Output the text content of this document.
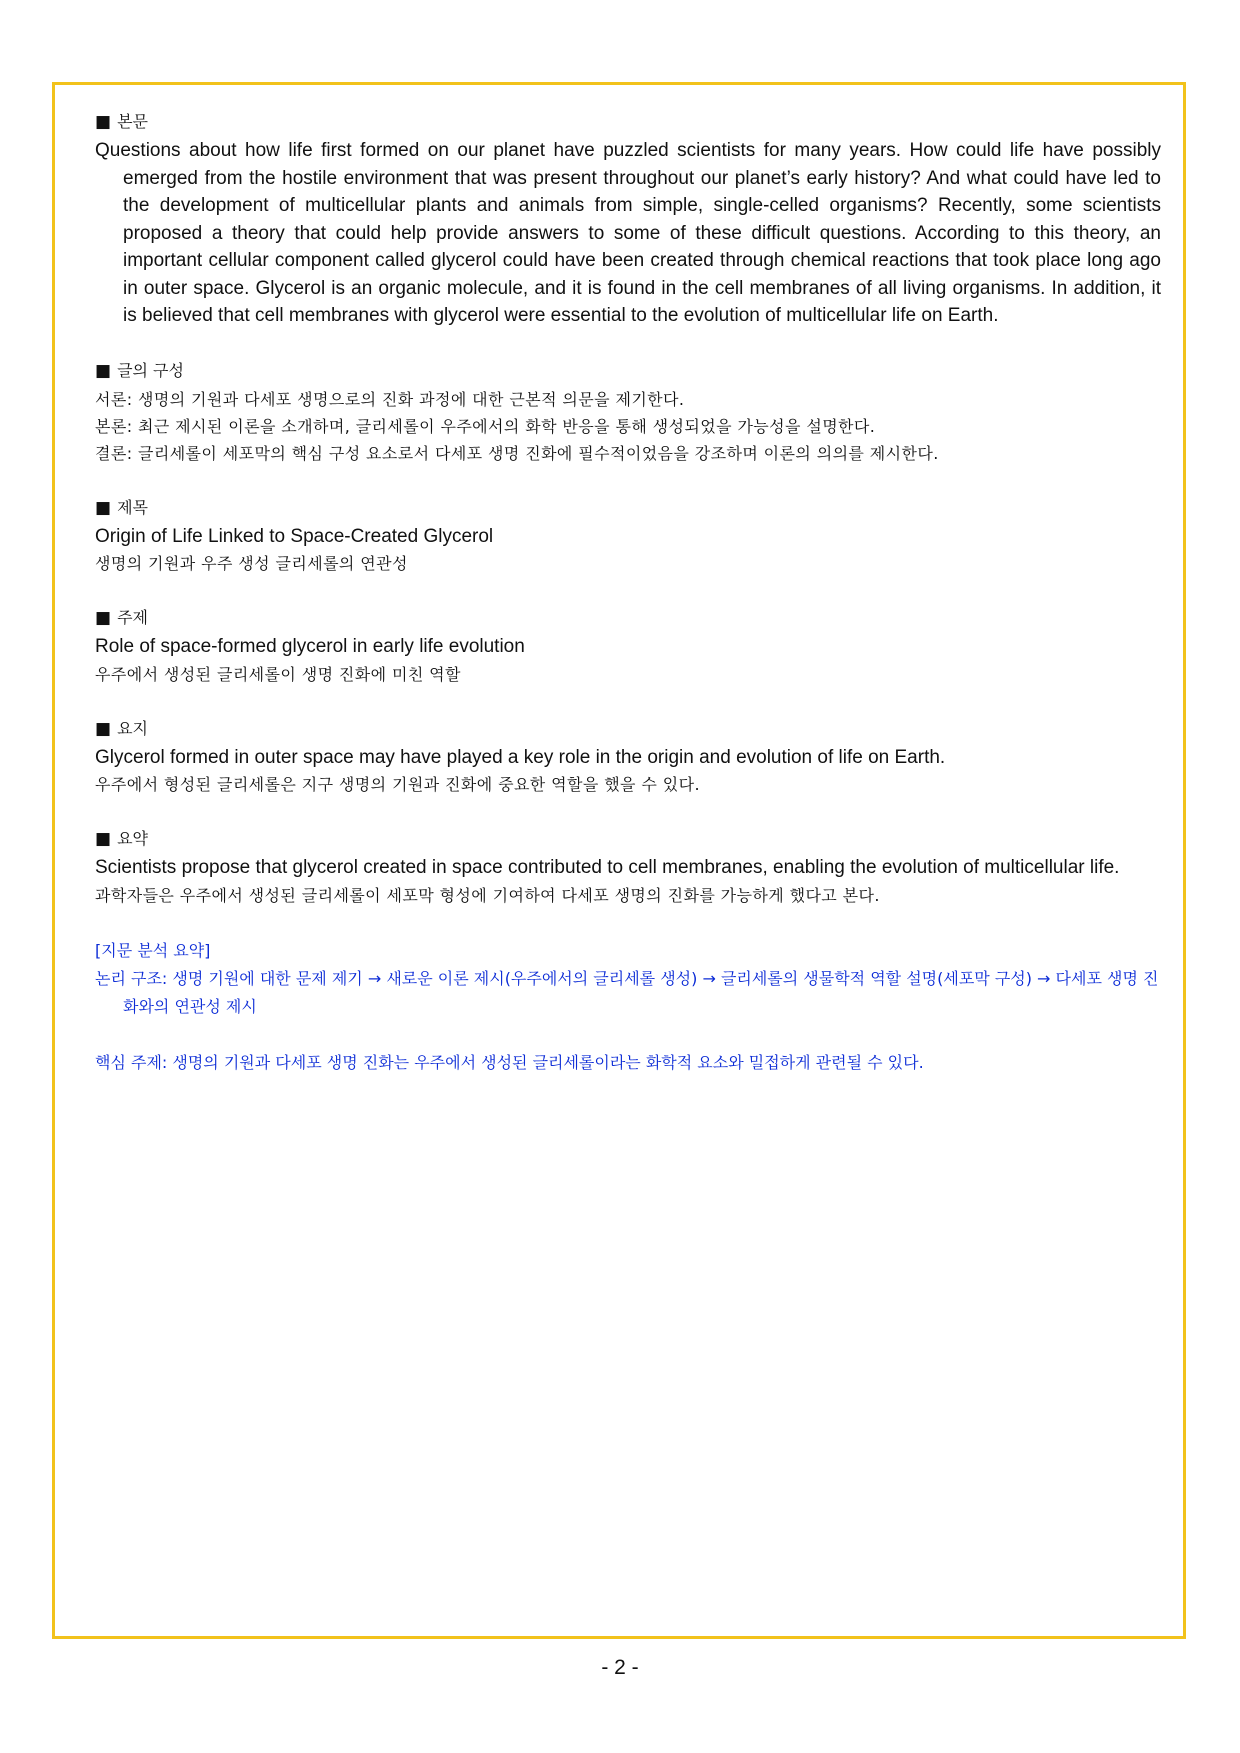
■ 본문
Questions about how life first formed on our planet have puzzled scientists for many years. How could life have possibly emerged from the hostile environment that was present throughout our planet’s early history? And what could have led to the development of multicellular plants and animals from simple, single-celled organisms? Recently, some scientists proposed a theory that could help provide answers to some of these difficult questions. According to this theory, an important cellular component called glycerol could have been created through chemical reactions that took place long ago in outer space. Glycerol is an organic molecule, and it is found in the cell membranes of all living organisms. In addition, it is believed that cell membranes with glycerol were essential to the evolution of multicellular life on Earth.
■ 글의 구성
서론: 생명의 기원과 다세포 생명으로의 진화 과정에 대한 근본적 의문을 제기한다.
본론: 최근 제시된 이론을 소개하며, 글리세롤이 우주에서의 화학 반응을 통해 생성되었을 가능성을 설명한다.
결론: 글리세롤이 세포막의 핵심 구성 요소로서 다세포 생명 진화에 필수적이었음을 강조하며 이론의 의의를 제시한다.
■ 제목
Origin of Life Linked to Space-Created Glycerol
생명의 기원과 우주 생성 글리세롤의 연관성
■ 주제
Role of space-formed glycerol in early life evolution
우주에서 생성된 글리세롤이 생명 진화에 미친 역할
■ 요지
Glycerol formed in outer space may have played a key role in the origin and evolution of life on Earth.
우주에서 형성된 글리세롤은 지구 생명의 기원과 진화에 중요한 역할을 했을 수 있다.
■ 요약
Scientists propose that glycerol created in space contributed to cell membranes, enabling the evolution of multicellular life.
과학자들은 우주에서 생성된 글리세롤이 세포막 형성에 기여하여 다세포 생명의 진화를 가능하게 했다고 본다.
[지문 분석 요약]
논리 구조: 생명 기원에 대한 문제 제기 → 새로운 이론 제시(우주에서의 글리세롤 생성) → 글리세롤의 생물학적 역할 설명(세포막 구성) → 다세포 생명 진화와의 연관성 제시
핵심 주제: 생명의 기원과 다세포 생명 진화는 우주에서 생성된 글리세롤이라는 화학적 요소와 밀접하게 관련될 수 있다.
- 2 -
